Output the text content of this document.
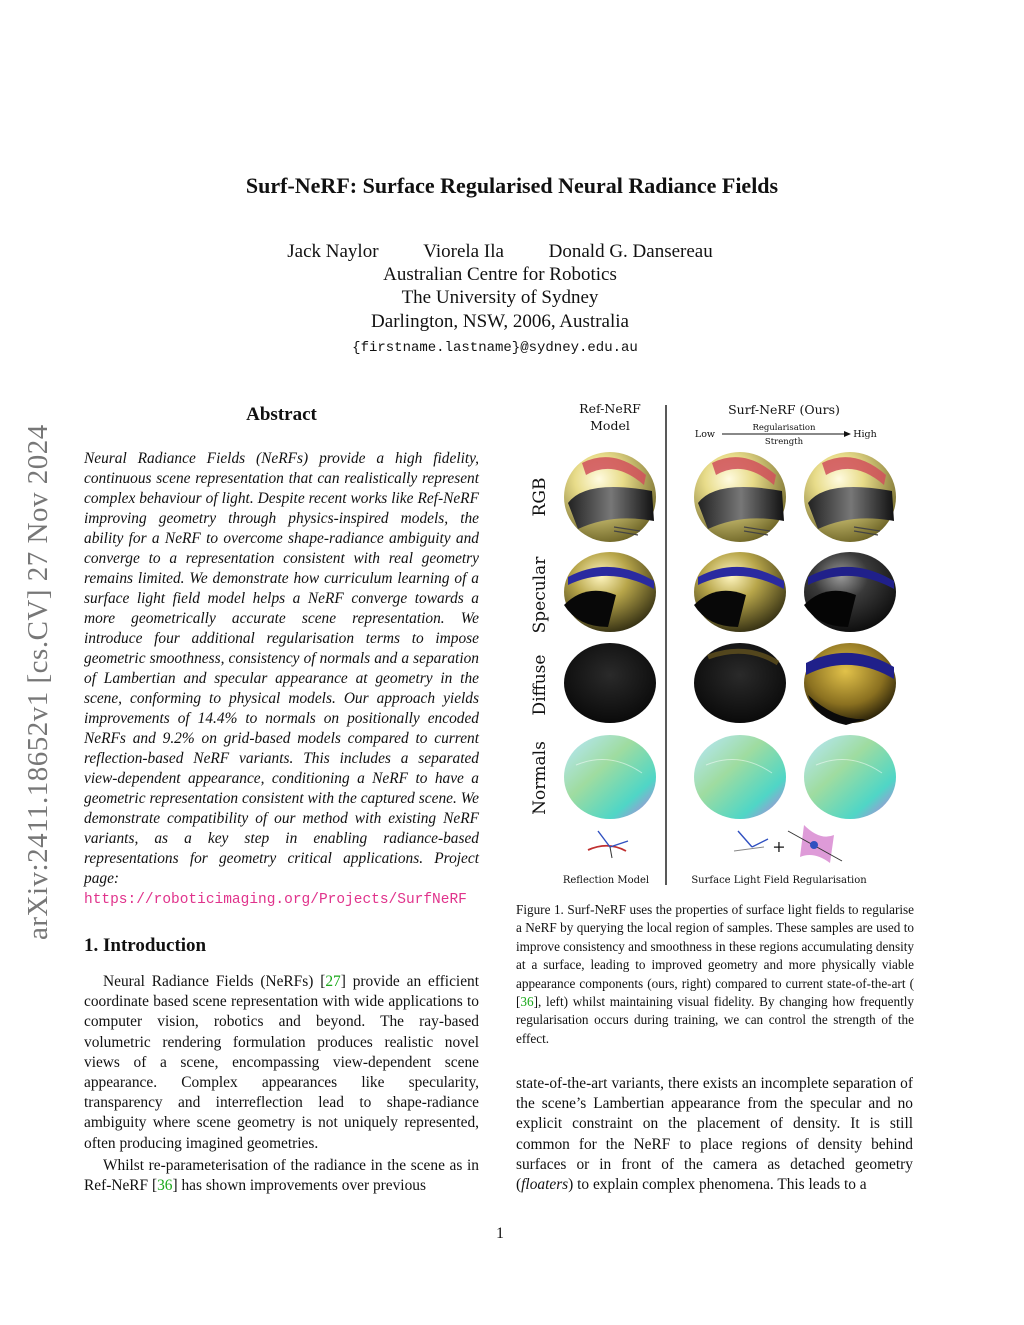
Surf-NeRF: Surface Regularised Neural Radiance Fields
Jack Naylor Viorela Ila Donald G. Dansereau
Australian Centre for Robotics
The University of Sydney
Darlington, NSW, 2006, Australia
{firstname.lastname}@sydney.edu.au
arXiv:2411.18652v1 [cs.CV] 27 Nov 2024
Abstract
Neural Radiance Fields (NeRFs) provide a high fidelity, continuous scene representation that can realistically represent complex behaviour of light. Despite recent works like Ref-NeRF improving geometry through physics-inspired models, the ability for a NeRF to overcome shape-radiance ambiguity and converge to a representation consistent with real geometry remains limited. We demonstrate how curriculum learning of a surface light field model helps a NeRF converge towards a more geometrically accurate scene representation. We introduce four additional regularisation terms to impose geometric smoothness, consistency of normals and a separation of Lambertian and specular appearance at geometry in the scene, conforming to physical models. Our approach yields improvements of 14.4% to normals on positionally encoded NeRFs and 9.2% on grid-based models compared to current reflection-based NeRF variants. This includes a separated view-dependent appearance, conditioning a NeRF to have a geometric representation consistent with the captured scene. We demonstrate compatibility of our method with existing NeRF variants, as a key step in enabling radiance-based representations for geometry critical applications. Project page: https://roboticimaging.org/Projects/SurfNeRF
1. Introduction

Neural Radiance Fields (NeRFs) [27] provide an efficient coordinate based scene representation with wide applications to computer vision, robotics and beyond. The ray-based volumetric rendering formulation produces realistic novel views of a scene, encompassing view-dependent scene appearance. Complex appearances like specularity, transparency and interreflection lead to shape-radiance ambiguity where scene geometry is not uniquely represented, often producing imagined geometries.

Whilst re-parameterisation of the radiance in the scene as in Ref-NeRF [36] has shown improvements over previous

Ref-NeRF
Model
Surf-NeRF (Ours)
Low	High
Regularisation
Strength
RGB
Specular
Diffuse
Normals
+
Reflection Model	Surface Light Field Regularisation
Figure 1. Surf-NeRF uses the properties of surface light fields to regularise a NeRF by querying the local region of samples. These samples are used to improve consistency and smoothness in these regions accumulating density at a surface, leading to improved geometry and more physically viable appearance components (ours, right) compared to current state-of-the-art ( [36], left) whilst maintaining visual fidelity. By changing how frequently regularisation occurs during training, we can control the strength of the effect.
state-of-the-art variants, there exists an incomplete separation of the scene’s Lambertian appearance from the specular and no explicit constraint on the placement of density. It is still common for the NeRF to place regions of density behind surfaces or in front of the camera as detached geometry (floaters) to explain complex phenomena. This leads to a
1
